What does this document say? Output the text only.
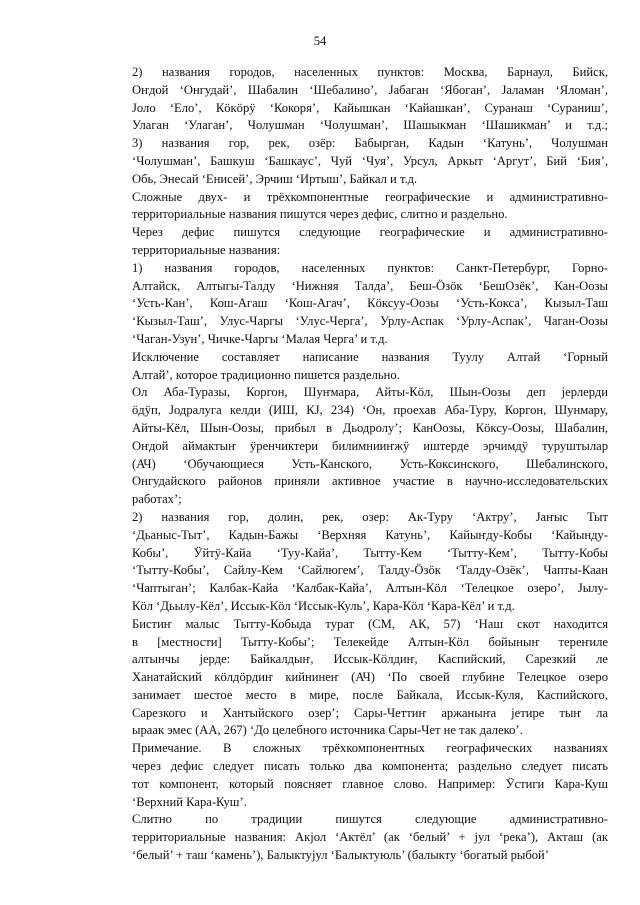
54
2) названия городов, населенных пунктов: Москва, Барнаул, Бийск,
Оҥдой ‘Онгудай’, Шабалин ‘Шебалино’, Јабаган ‘Ябоган’, Јаламан ‘Яломан’,
Јоло ‘Ело’, Кӧкӧрӱ ‘Кокоря’, Кайышкан ‘Кайашкан’, Суранаш ‘Сураниш’,
Улаган ‘Улаган’, Чолушман ‘Чолушман’, Шашыкман ‘Шашикман’ и т.д.;
3) названия гор, рек, озёр: Бабырган, Кадын ‘Катунь’, Чолушман
‘Чолушман’, Башкуш ‘Башкаус’, Чуй ‘Чуя’, Урсул, Аркыт ‘Аргут’, Бий ‘Бия’,
Обь, Энесай ‘Енисей’, Эрчиш ‘Иртыш’, Байкал и т.д.
Сложные двух- и трёхкомпонентные географические и административно-
территориальные названия пишутся через дефис, слитно и раздельно.
Через дефис пишутся следующие географические и административно-
территориальные названия:
1) названия городов, населенных пунктов: Санкт-Петербург, Горно-
Алтайск, Алтыгы-Талду ‘Нижняя Талда’, Беш-Ӧзӧк ‘БешОзёк’, Кан-Оозы
‘Усть-Кан’, Кош-Агаш ‘Кош-Агач’, Кӧксуу-Оозы ‘Усть-Кокса’, Кызыл-Таш
‘Кызыл-Таш’, Улус-Чаргы ‘Улус-Черга’, Урлу-Аспак ‘Урлу-Аспак’, Чаган-Оозы
‘Чаган-Узун’, Чичке-Чаргы ‘Малая Черга’ и т.д.
Исключение составляет написание названия Туулу Алтай ‘Горный
Алтай’, которое традиционно пишется раздельно.
Ол Аба-Туразы, Коргон, Шуҥмара, Айты-Кӧл, Шын-Оозы деп јерлерди
ӧдӱп, Јодралуга келди (ИШ, КЈ, 234) ‘Он, проехав Аба-Туру, Коргон, Шунмару,
Айты-Кёл, Шын-Оозы, прибыл в Дьодролу’; КанОозы, Кӧксу-Оозы, Шабалин,
Оҥдой аймактыҥ ӱренчиктери билимнииҥжӱ иштерде эрчимдӱ туруштылар
(АЧ) ‘Обучающиеся Усть-Канского, Усть-Коксинского, Шебалинского,
Онгудайского районов приняли активное участие в научно-исследовательских
работах’;
2) названия гор, долин, рек, озер: Ак-Туру ‘Актру’, Јаҥыс Тыт
‘Дьаныс-Тыт’, Кадын-Бажы ‘Верхняя Катунь’, Кайыҥду-Кобы ‘Кайынду-
Кобы’, Ӱйтӱ-Кайа ‘Туу-Кайа’, Тытту-Кем ‘Тытту-Кем’, Тытту-Кобы
‘Тытту-Кобы’, Сайлу-Кем ‘Сайлюгем’, Талду-Ӧзӧк ‘Талду-Озёк’, Чапты-Каан
‘Чаптыган’; Калбак-Кайа ‘Калбак-Кайа’, Алтын-Кӧл ‘Телецкое озеро’, Јылу-
Кӧл ‘Дьылу-Кёл’, Иссык-Кӧл ‘Иссык-Куль’, Кара-Кӧл ‘Кара-Кёл’ и т.д.
Бистиҥ малыс Тытту-Кобыда турат (СМ, АК, 57) ‘Наш скот находится
в [местности] Тытту-Кобы’; Телекейде Алтын-Кӧл бойыныҥ тереҥиле
алтынчы јерде: Байкалдыҥ, Иссык-Кӧлдиҥ, Каспийский, Сарезкий ле
Ханатайский кӧлдӧрдиҥ кийнинеҥ (АЧ) ‘По своей глубине Телецкое озеро
занимает шестое место в мире, после Байкала, Иссык-Куля, Каспийского,
Сарезкого и Хантыйского озер’; Сары-Четтиҥ аржаныҥа јетире тыҥ ла
ыраак эмес (АА, 267) ‘До целебного источника Сары-Чет не так далеко’.
Примечание. В сложных трёхкомпонентных географических названиях
через дефис следует писать только два компонента; раздельно следует писать
тот компонент, который поясняет главное слово. Например: Ӱстиги Кара-Куш
‘Верхний Кара-Куш’.
Слитно по традиции пишутся следующие административно-
территориальные названия: Акјол ‘Актёл’ (ак ‘белый’ + јул ‘река’), Акташ (ак
‘белый’ + таш ‘камень’), Балыктујул ‘Балыктуюль’ (балыкту ‘богатый рыбой’
